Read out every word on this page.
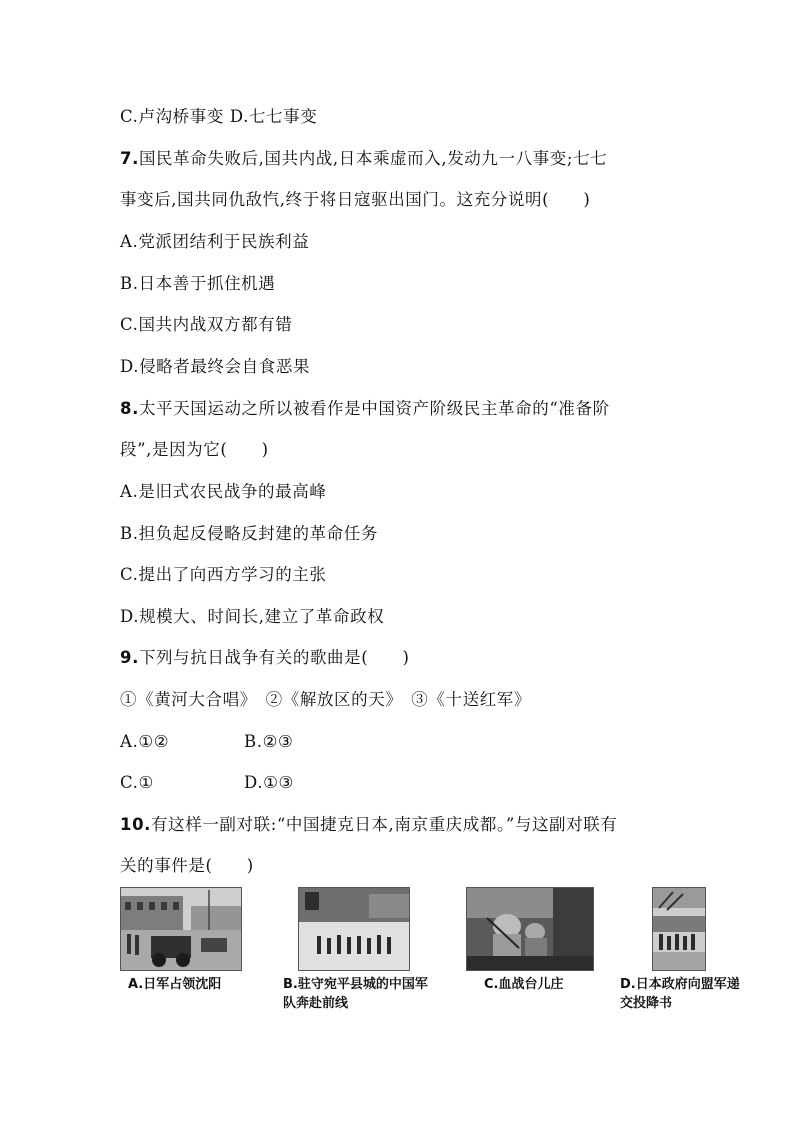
C.卢沟桥事变 D.七七事变
7.国民革命失败后,国共内战,日本乘虚而入,发动九一八事变;七七
事变后,国共同仇敌忾,终于将日寇驱出国门。这充分说明(　　)
A.党派团结利于民族利益
B.日本善于抓住机遇
C.国共内战双方都有错
D.侵略者最终会自食恶果
8.太平天国运动之所以被看作是中国资产阶级民主革命的“准备阶
段”,是因为它(　　)
A.是旧式农民战争的最高峰
B.担负起反侵略反封建的革命任务
C.提出了向西方学习的主张
D.规模大、时间长,建立了革命政权
9.下列与抗日战争有关的歌曲是(　　)
①《黄河大合唱》　②《解放区的天》　③《十送红军》
A.①②	B.②③
C.①	D.①③
10.有这样一副对联:“中国捷克日本,南京重庆成都。”与这副对联有
关的事件是(　　)
A.日军占领沈阳	B.驻守宛平县城的中国军队奔赴前线
C.血战台儿庄	D.日本政府向盟军递交投降书
